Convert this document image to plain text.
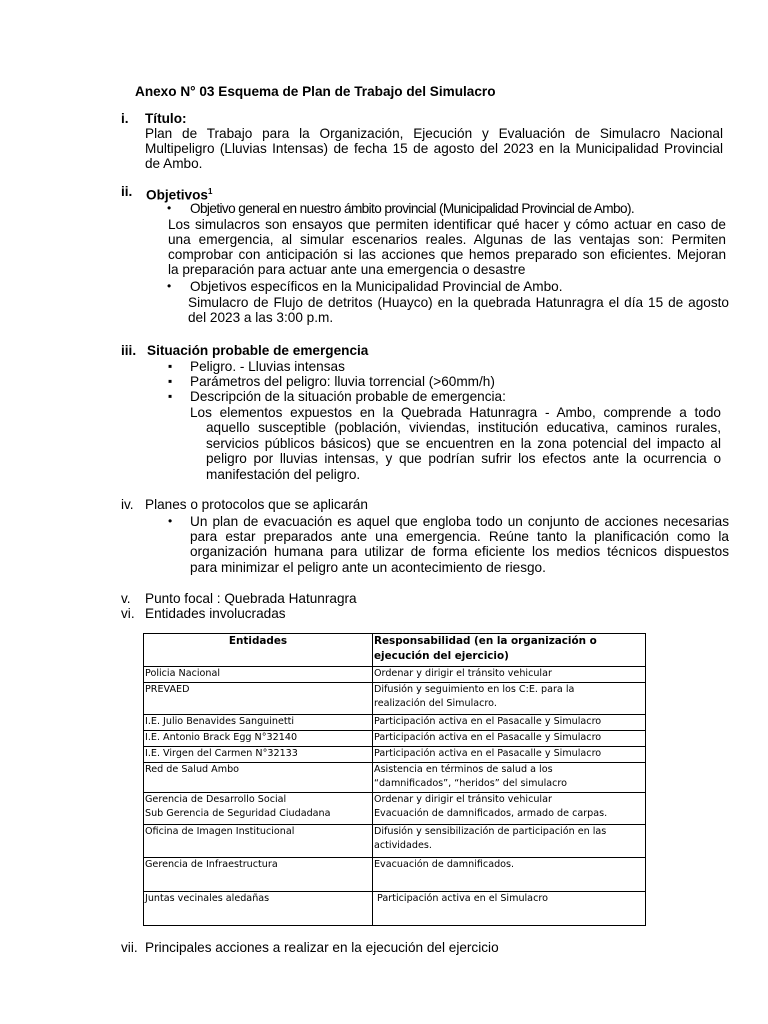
Anexo N° 03 Esquema de Plan de Trabajo del Simulacro
i. Título:
Plan de Trabajo para la Organización, Ejecución y Evaluación de Simulacro Nacional
Multipeligro (Lluvias Intensas) de fecha 15 de agosto del 2023 en la Municipalidad Provincial
de Ambo.
ii. Objetivos$^1$
• Objetivo general en nuestro ámbito provincial (Municipalidad Provincial de Ambo).
Los simulacros son ensayos que permiten identificar qué hacer y cómo actuar en caso de
una emergencia, al simular escenarios reales. Algunas de las ventajas son: Permiten
comprobar con anticipación si las acciones que hemos preparado son eficientes. Mejoran
la preparación para actuar ante una emergencia o desastre
• Objetivos específicos en la Municipalidad Provincial de Ambo.
Simulacro de Flujo de detritos (Huayco) en la quebrada Hatunragra el día 15 de agosto
del 2023 a las 3:00 p.m.
iii. Situación probable de emergencia
▪ Peligro. - Lluvias intensas
▪ Parámetros del peligro: lluvia torrencial (>60mm/h)
▪ Descripción de la situación probable de emergencia:
Los elementos expuestos en la Quebrada Hatunragra - Ambo, comprende a todo
aquello susceptible (población, viviendas, institución educativa, caminos rurales,
servicios públicos básicos) que se encuentren en la zona potencial del impacto al
peligro por lluvias intensas, y que podrían sufrir los efectos ante la ocurrencia o
manifestación del peligro.
iv. Planes o protocolos que se aplicarán
• Un plan de evacuación es aquel que engloba todo un conjunto de acciones necesarias
para estar preparados ante una emergencia. Reúne tanto la planificación como la
organización humana para utilizar de forma eficiente los medios técnicos dispuestos
para minimizar el peligro ante un acontecimiento de riesgo.
v. Punto focal : Quebrada Hatunragra
vi. Entidades involucradas
Entidades	Responsabilidad (en la organización o
ejecución del ejercicio)

Policia Nacional	Ordenar y dirigir el tránsito vehicular
PREVAED	Difusión y seguimiento en los C:E. para la
realización del Simulacro.

I.E. Julio Benavides Sanguinetti	Participación activa en el Pasacalle y Simulacro
I.E. Antonio Brack Egg N°32140	Participación activa en el Pasacalle y Simulacro
I.E. Virgen del Carmen N°32133	Participación activa en el Pasacalle y Simulacro
Red de Salud Ambo	Asistencia en términos de salud a los
“damnificados”, “heridos” del simulacro

Gerencia de Desarrollo Social
Sub Gerencia de Seguridad Ciudadana	Ordenar y dirigir el tránsito vehicular
Evacuación de damnificados, armado de carpas.

Oficina de Imagen Institucional	Difusión y sensibilización de participación en las
actividades.

Gerencia de Infraestructura	Evacuación de damnificados.
Juntas vecinales aledañas	Participación activa en el Simulacro
vii. Principales acciones a realizar en la ejecución del ejercicio
